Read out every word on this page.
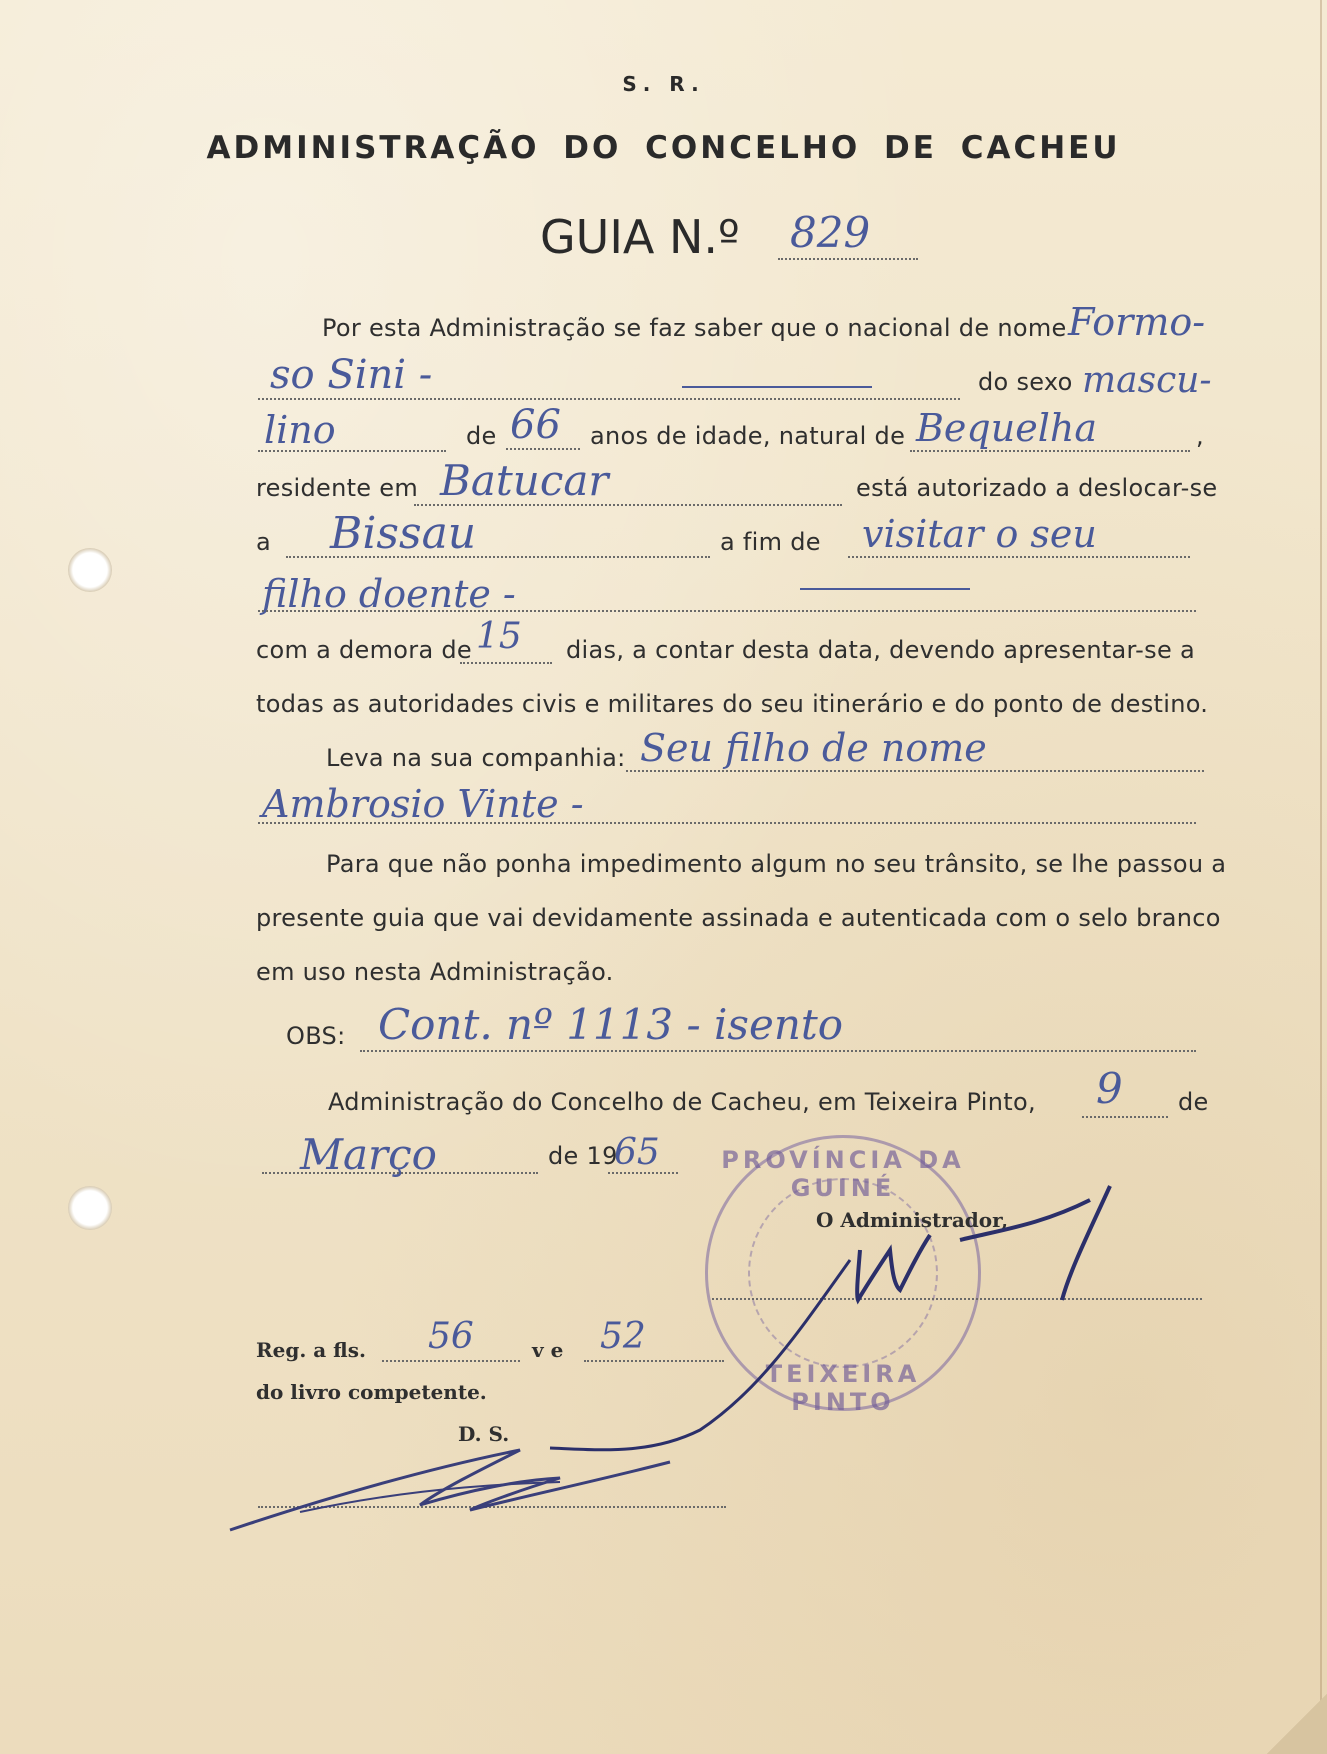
S. R.
ADMINISTRAÇÃO DO CONCELHO DE CACHEU
GUIA N.º 829
Por esta Administração se faz saber que o nacional de nome Formo-
so Sini -	do sexo mascu-
lino	de 66 anos de idade, natural de Bequelha	,
residente em Batucar	está autorizado a deslocar-se
a Bissau	a fim de visitar o seu
filho doente -
com a demora de 15 dias, a contar desta data, devendo apresentar-se a
todas as autoridades civis e militares do seu itinerário e do ponto de destino.
Leva na sua companhia: Seu filho de nome
Ambrosio Vinte -
Para que não ponha impedimento algum no seu trânsito, se lhe passou a
presente guia que vai devidamente assinada e autenticada com o selo branco
em uso nesta Administração.
OBS: Cont. nº 1113 - isento
Administração do Concelho de Cacheu, em Teixeira Pinto, 9 de
Março	de 19
65	PROVÍNCIA DA GUINÉ
TEIXEIRA PINTO
O Administrador,
Reg. a fls. 56	v e 52
do livro competente.
D. S.
